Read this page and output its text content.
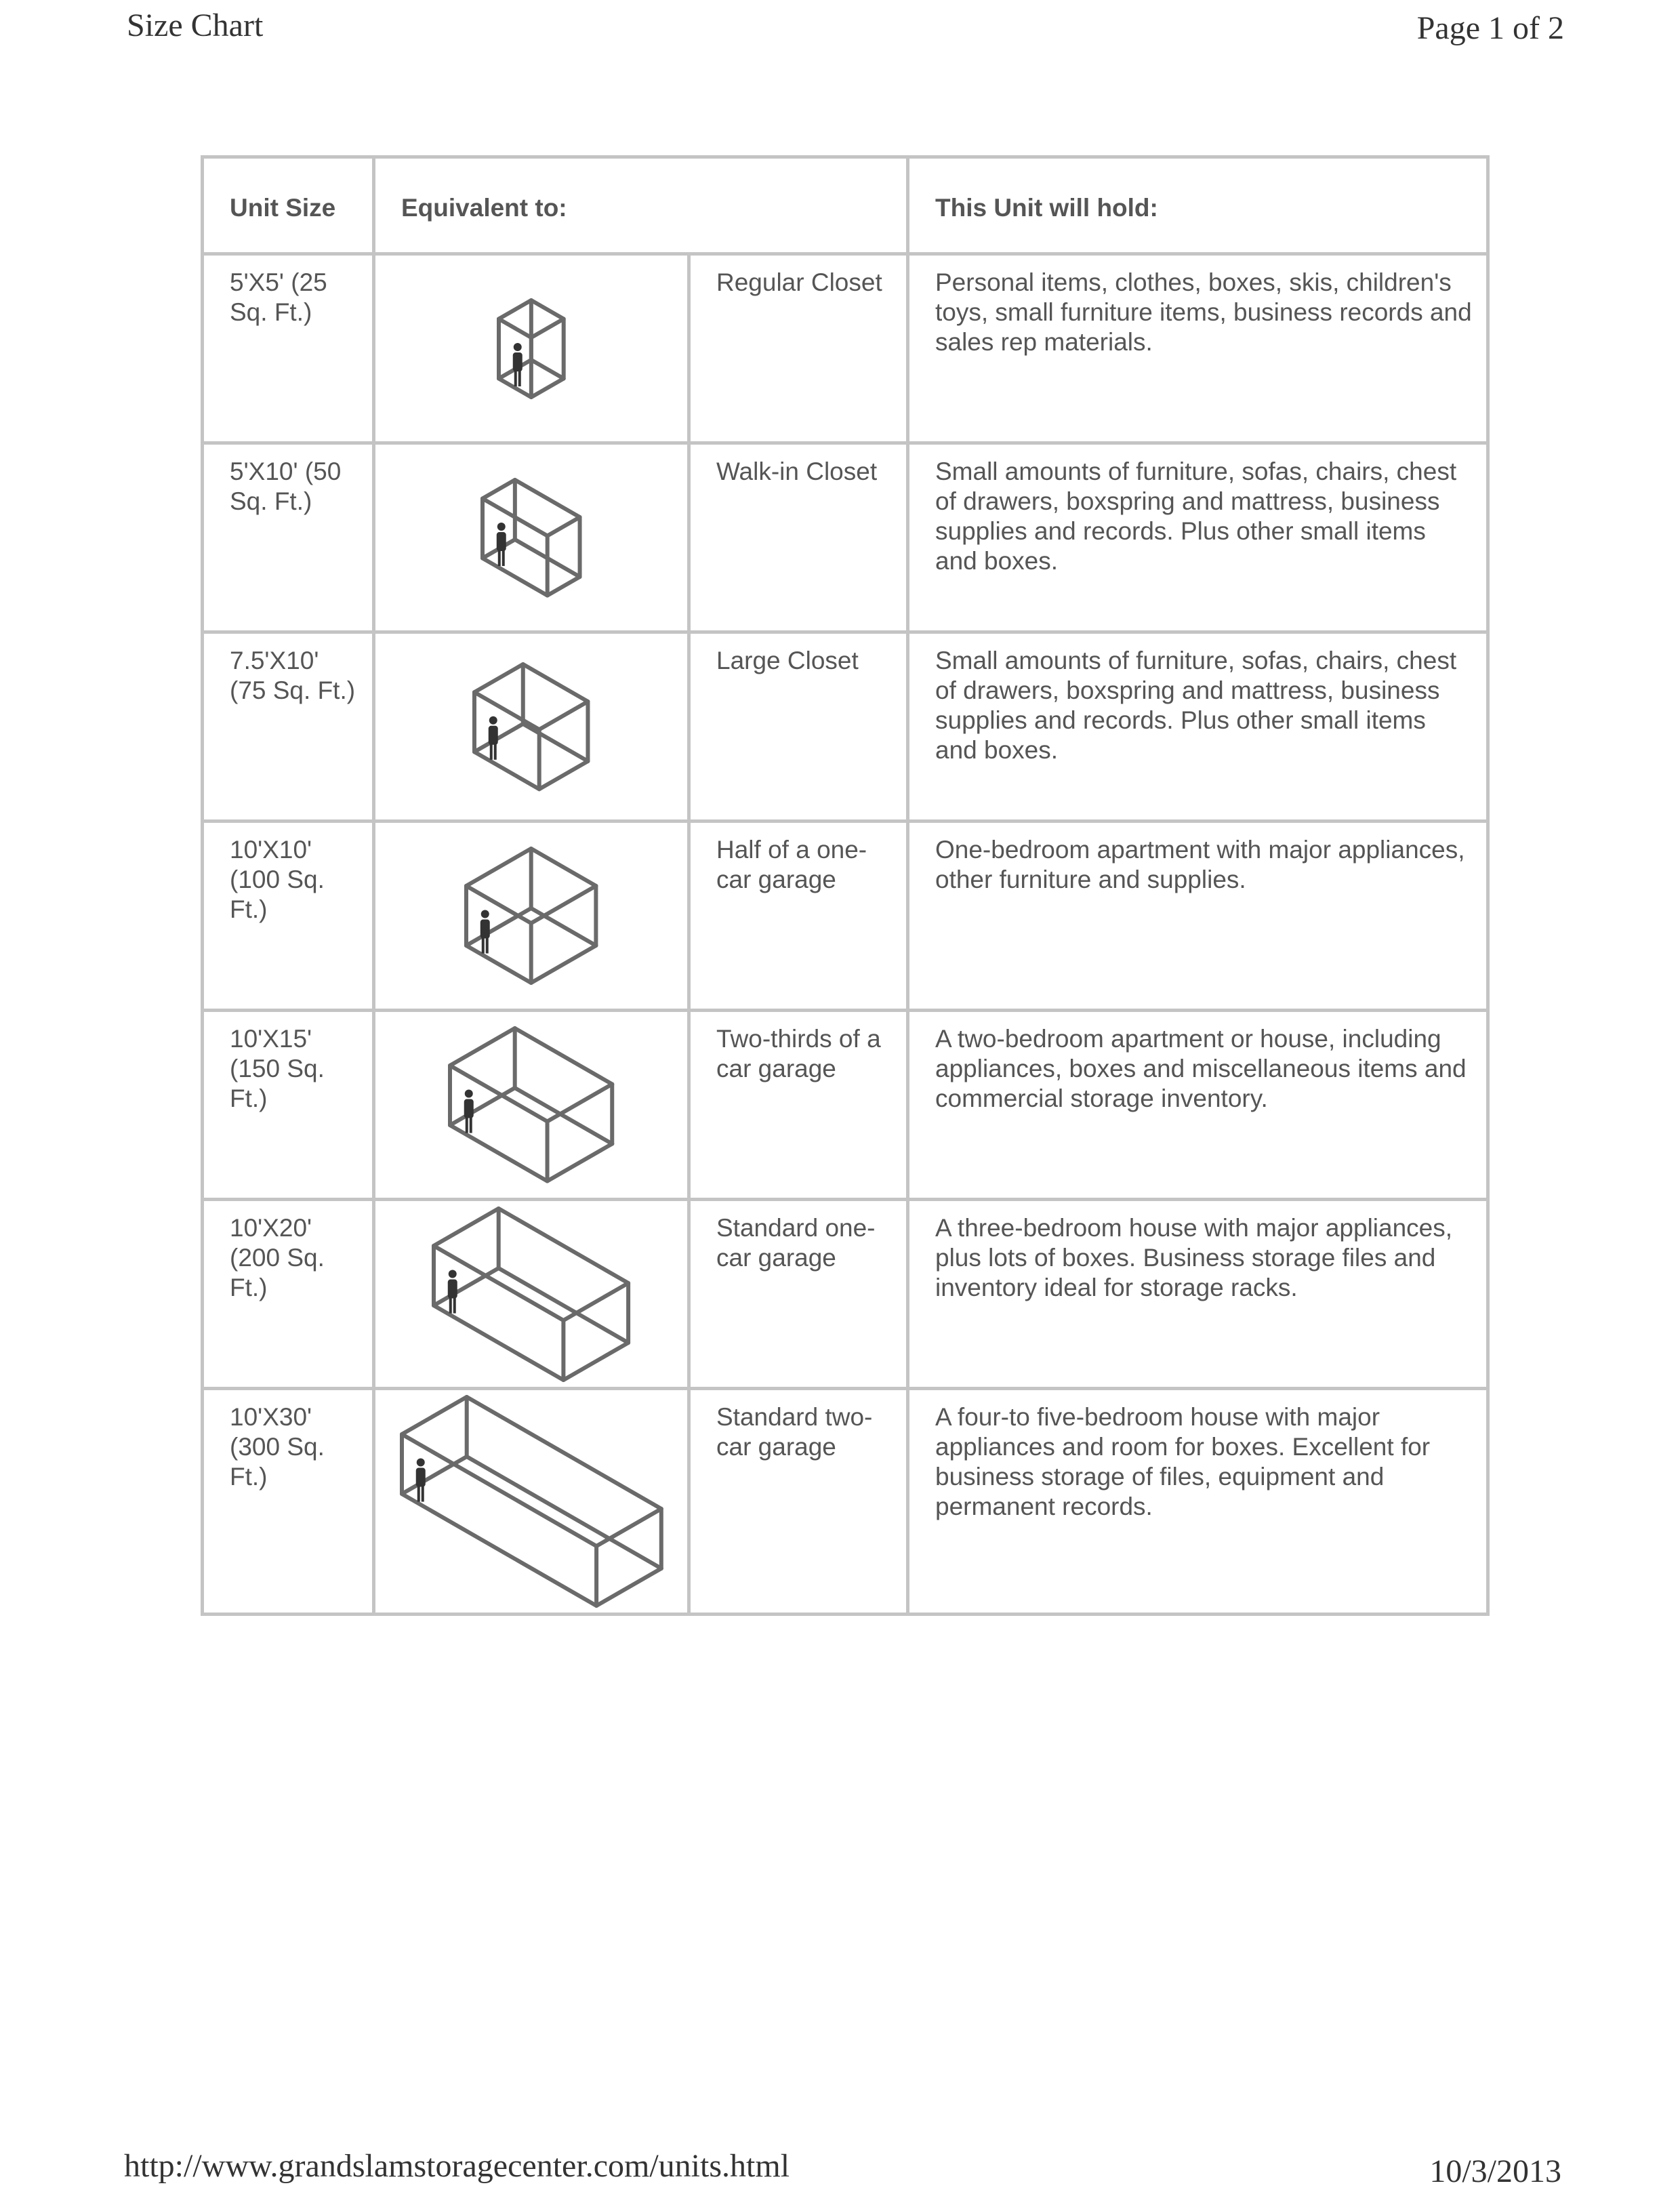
Size Chart	Page 1 of 2
Unit Size	Equivalent to:		This Unit will hold:
5'X5' (25 Sq. Ft.)		Regular Closet	Personal items, clothes, boxes, skis, children's toys, small furniture items, business records and sales rep materials.
5'X10' (50 Sq. Ft.)		Walk-in Closet	Small amounts of furniture, sofas, chairs, chest of drawers, boxspring and mattress, business supplies and records. Plus other small items and boxes.
7.5'X10' (75 Sq. Ft.)		Large Closet	Small amounts of furniture, sofas, chairs, chest of drawers, boxspring and mattress, business supplies and records. Plus other small items and boxes.
10'X10' (100 Sq. Ft.)		Half of a one-car garage	One-bedroom apartment with major appliances, other furniture and supplies.
10'X15' (150 Sq. Ft.)		Two-thirds of a car garage	A two-bedroom apartment or house, including appliances, boxes and miscellaneous items and commercial storage inventory.
10'X20' (200 Sq. Ft.)		Standard one-car garage	A three-bedroom house with major appliances, plus lots of boxes. Business storage files and inventory ideal for storage racks.
10'X30' (300 Sq. Ft.)		Standard two-car garage	A four-to five-bedroom house with major appliances and room for boxes. Excellent for business storage of files, equipment and permanent records.
http://www.grandslamstoragecenter.com/units.html	10/3/2013
